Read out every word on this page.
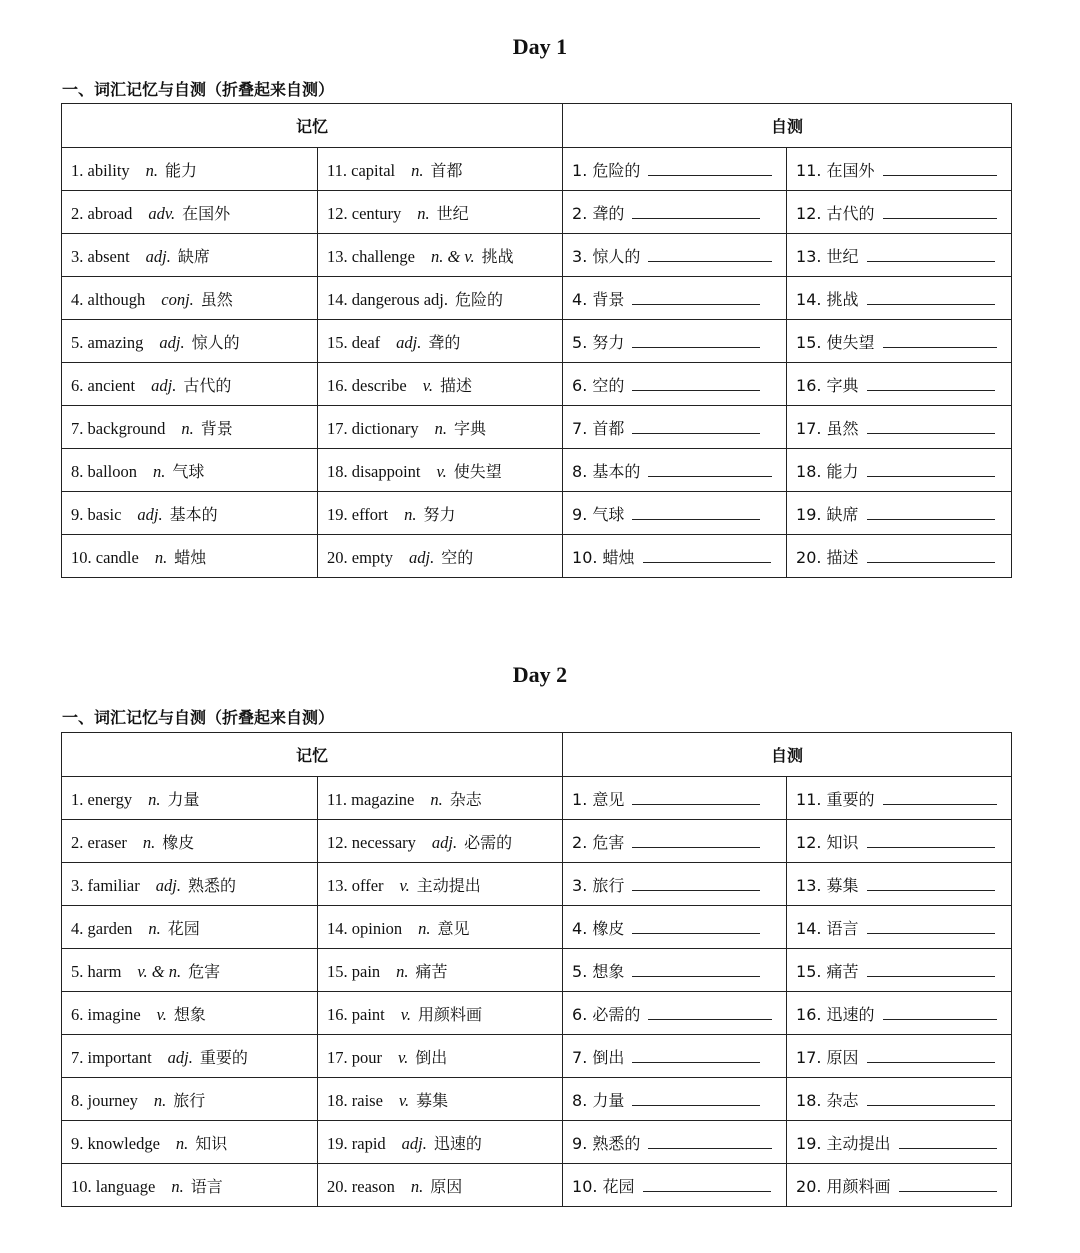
Day 1
一、词汇记忆与自测（折叠起来自测）
记忆		自测	
1. ability n. 能力	11. capital n. 首都	1. 危险的	11. 在国外
2. abroad adv. 在国外	12. century n. 世纪	2. 聋的	12. 古代的
3. absent adj. 缺席	13. challenge n. & v. 挑战	3. 惊人的	13. 世纪
4. although conj. 虽然	14. dangerous adj. 危险的	4. 背景	14. 挑战
5. amazing adj. 惊人的	15. deaf adj. 聋的	5. 努力	15. 使失望
6. ancient adj. 古代的	16. describe v. 描述	6. 空的	16. 字典
7. background n. 背景	17. dictionary n. 字典	7. 首都	17. 虽然
8. balloon n. 气球	18. disappoint v. 使失望	8. 基本的	18. 能力
9. basic adj. 基本的	19. effort n. 努力	9. 气球	19. 缺席
10. candle n. 蜡烛	20. empty adj. 空的	10. 蜡烛	20. 描述
Day 2
一、词汇记忆与自测（折叠起来自测）
记忆		自测	
1. energy n. 力量	11. magazine n. 杂志	1. 意见	11. 重要的
2. eraser n. 橡皮	12. necessary adj. 必需的	2. 危害	12. 知识
3. familiar adj. 熟悉的	13. offer v. 主动提出	3. 旅行	13. 募集
4. garden n. 花园	14. opinion n. 意见	4. 橡皮	14. 语言
5. harm v. & n. 危害	15. pain n. 痛苦	5. 想象	15. 痛苦
6. imagine v. 想象	16. paint v. 用颜料画	6. 必需的	16. 迅速的
7. important adj. 重要的	17. pour v. 倒出	7. 倒出	17. 原因
8. journey n. 旅行	18. raise v. 募集	8. 力量	18. 杂志
9. knowledge n. 知识	19. rapid adj. 迅速的	9. 熟悉的	19. 主动提出
10. language n. 语言	20. reason n. 原因	10. 花园	20. 用颜料画
